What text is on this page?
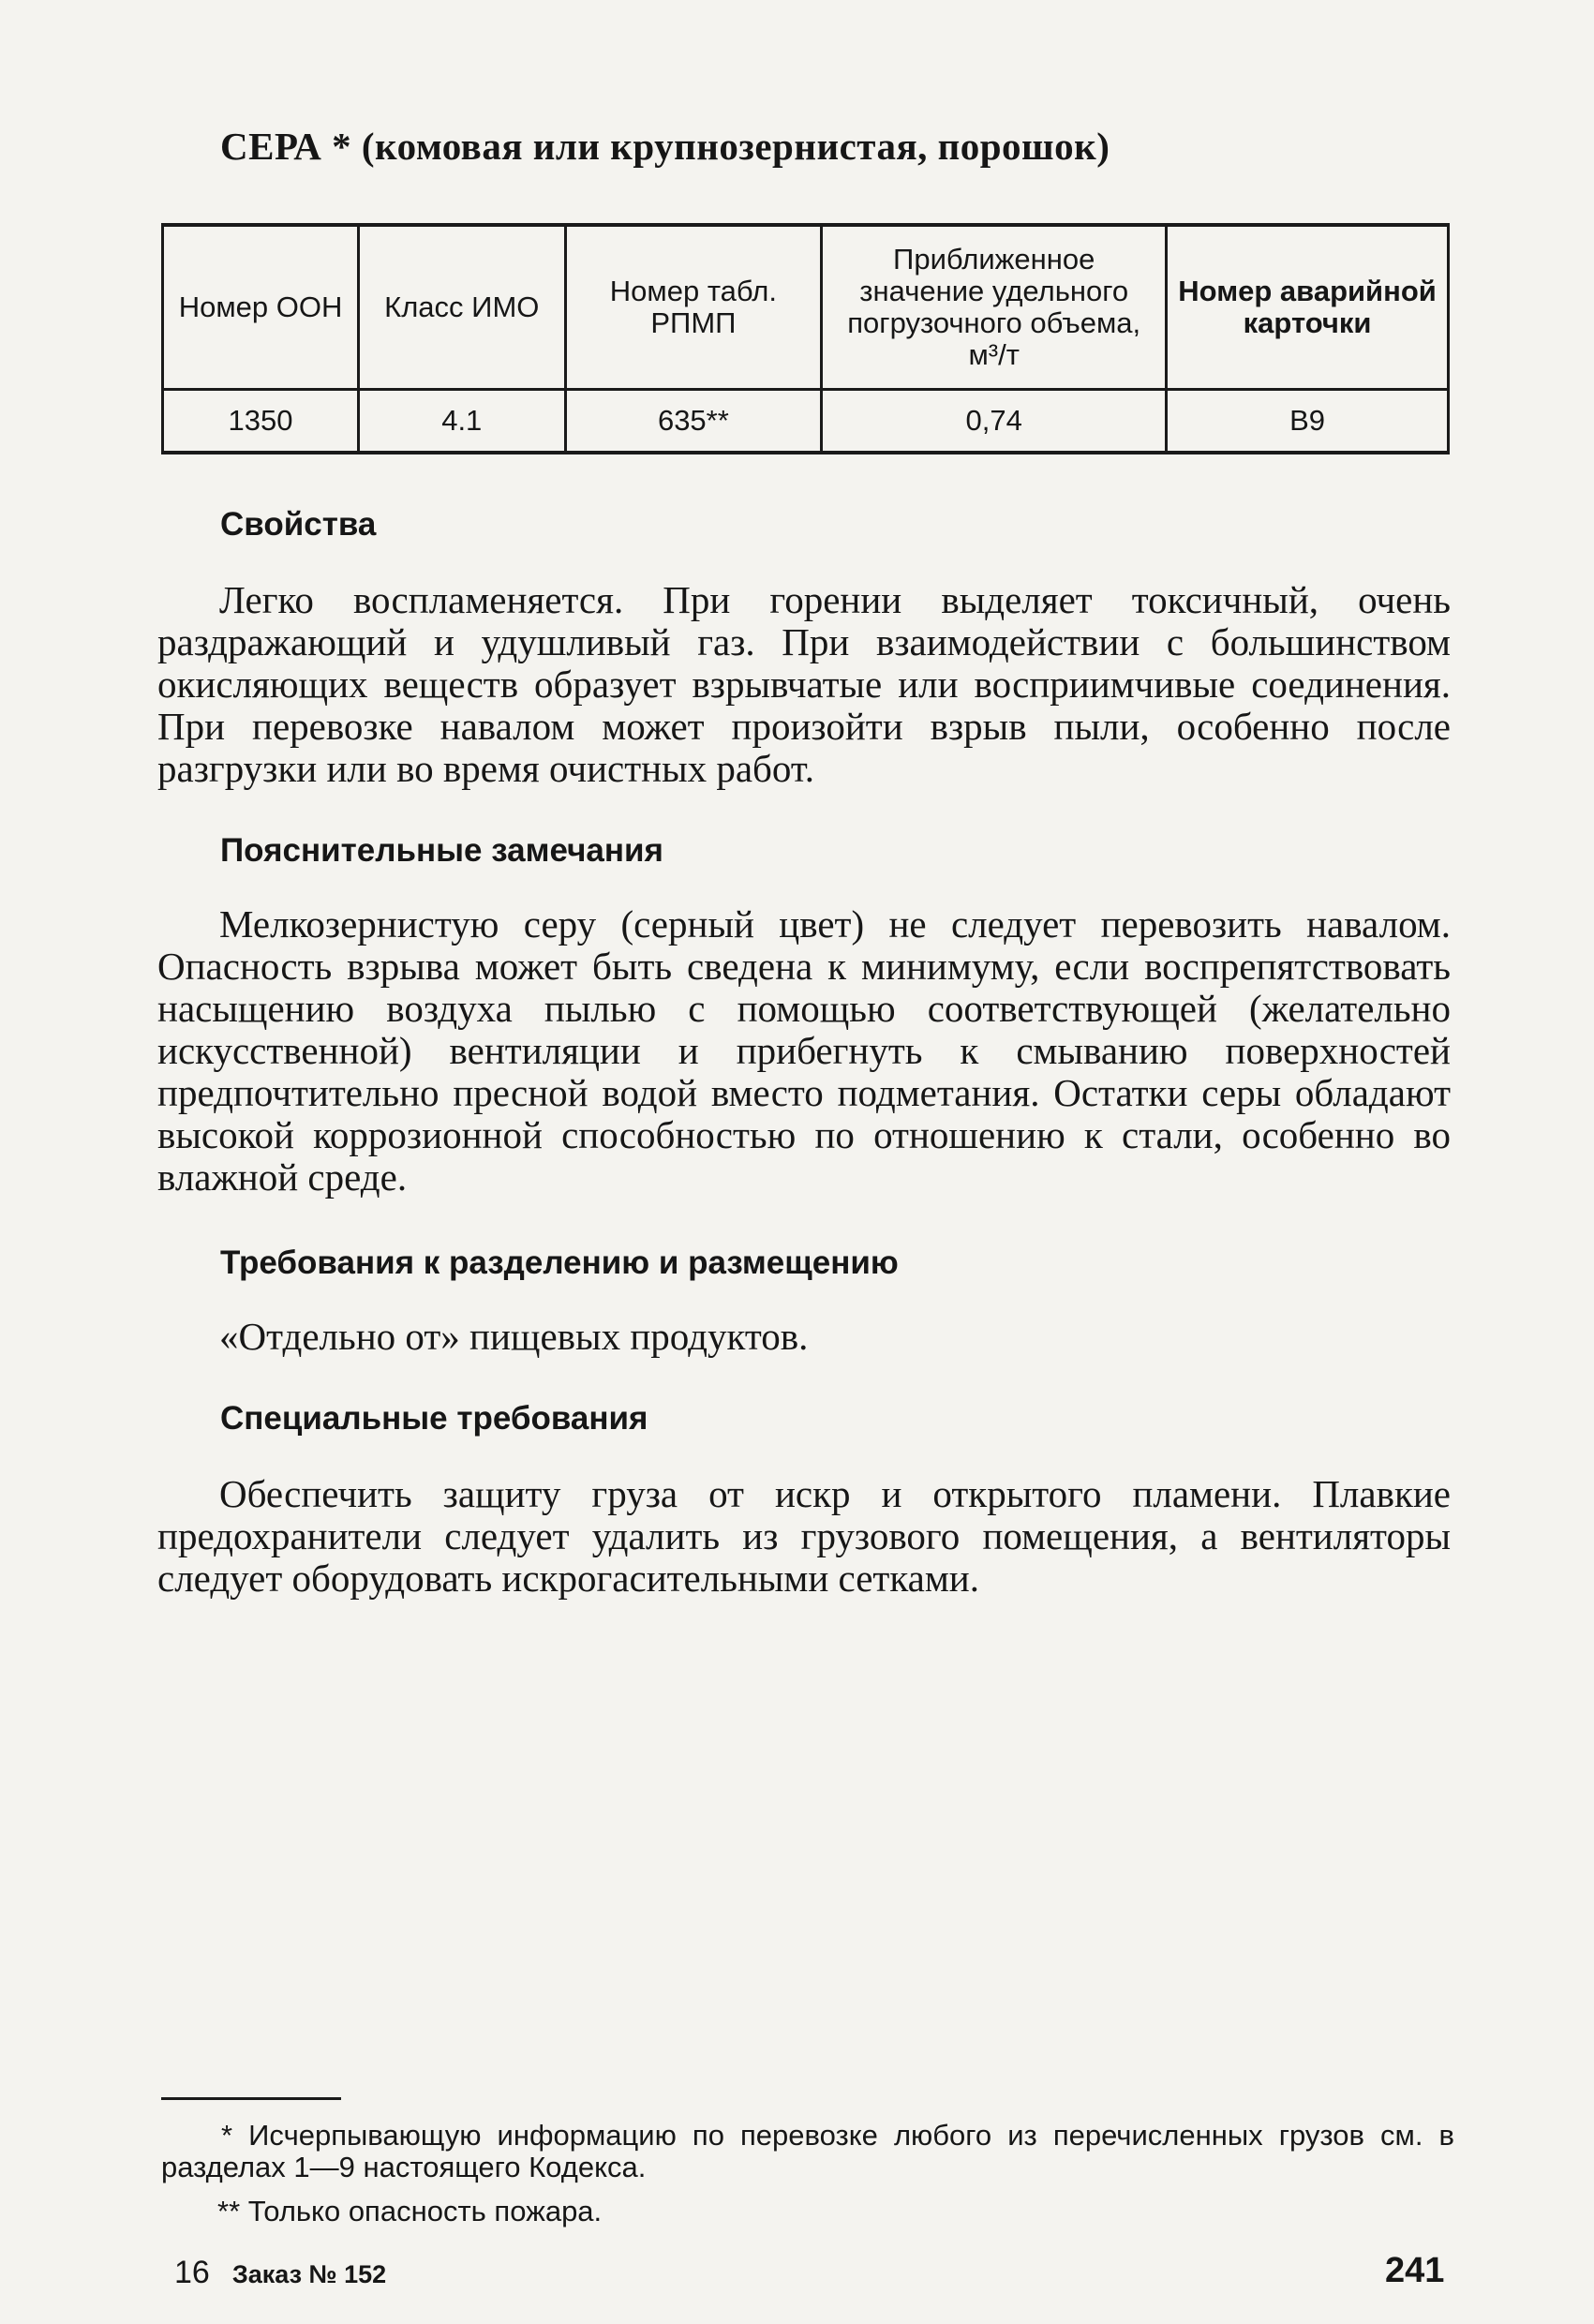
СЕРА * (комовая или крупнозернистая, порошок)
Номер ООН	Класс ИМО	Номер табл. РПМП	Приближенное значение удельного погрузочного объема, м³/т	Номер аварийной карточки
1350	4.1	635**	0,74	B9
Свойства

Легко воспламеняется. При горении выделяет токсичный, очень раздражающий и удушливый газ. При взаимодействии с большинством окисляющих веществ образует взрывчатые или восприимчивые соединения. При перевозке навалом может произойти взрыв пыли, особенно после разгрузки или во время очистных работ.

Пояснительные замечания

Мелкозернистую серу (серный цвет) не следует перевозить навалом. Опасность взрыва может быть сведена к минимуму, если воспрепятствовать насыщению воздуха пылью с помощью соответствующей (желательно искусственной) вентиляции и прибегнуть к смыванию поверхностей предпочтительно пресной водой вместо подметания. Остатки серы обладают высокой коррозионной способностью по отношению к стали, особенно во влажной среде.

Требования к разделению и размещению
«Отдельно от» пищевых продуктов.
Специальные требования

Обеспечить защиту груза от искр и открытого пламени. Плавкие предохранители следует удалить из грузового помещения, а вентиляторы следует оборудовать искрогасительными сетками.

* Исчерпывающую информацию по перевозке любого из перечисленных грузов см. в разделах 1—9 настоящего Кодекса.

** Только опасность пожара.
16 Заказ № 152	241
